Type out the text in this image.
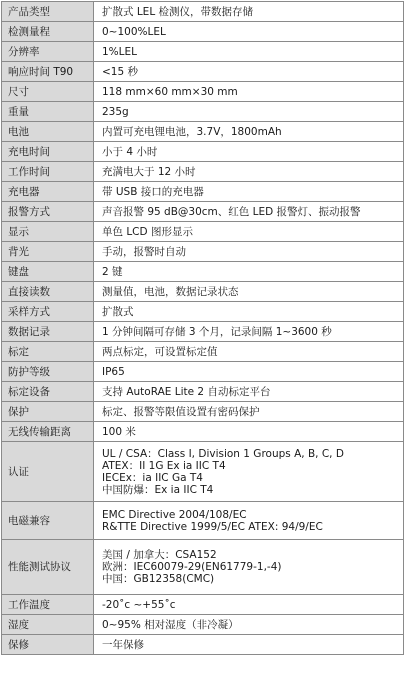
产品类型	扩散式 LEL 检测仪，带数据存储

检测量程	0~100%LEL

分辨率	1%LEL

响应时间 T90	<15 秒

尺寸	118 mm×60 mm×30 mm

重量	235g

电池	内置可充电锂电池，3.7V，1800mAh

充电时间	小于 4 小时

工作时间	充满电大于 12 小时

充电器	带 USB 接口的充电器

报警方式	声音报警 95 dB@30cm、红色 LED 报警灯、振动报警

显示	单色 LCD 图形显示

背光	手动，报警时自动

键盘	2 键

直接读数	测量值，电池，数据记录状态

采样方式	扩散式

数据记录	1 分钟间隔可存储 3 个月，记录间隔 1~3600 秒

标定	两点标定，可设置标定值

防护等级	IP65

标定设备	支持 AutoRAE Lite 2 自动标定平台

保护	标定、报警等限值设置有密码保护

无线传输距离	100 米

认证	UL / CSA：Class I, Division 1 Groups A, B, C, D
ATEX：II 1G Ex ia IIC T4
IECEx：ia IIC Ga T4
中国防爆：Ex ia IIC T4

电磁兼容	EMC Directive 2004/108/EC
R&TTE Directive 1999/5/EC ATEX: 94/9/EC

性能测试协议	美国 / 加拿大：CSA152
欧洲：IEC60079-29(EN61779-1,-4)
中国：GB12358(CMC)

工作温度	-20˚c ~+55˚c

湿度	0~95% 相对湿度（非冷凝）

保修	一年保修
